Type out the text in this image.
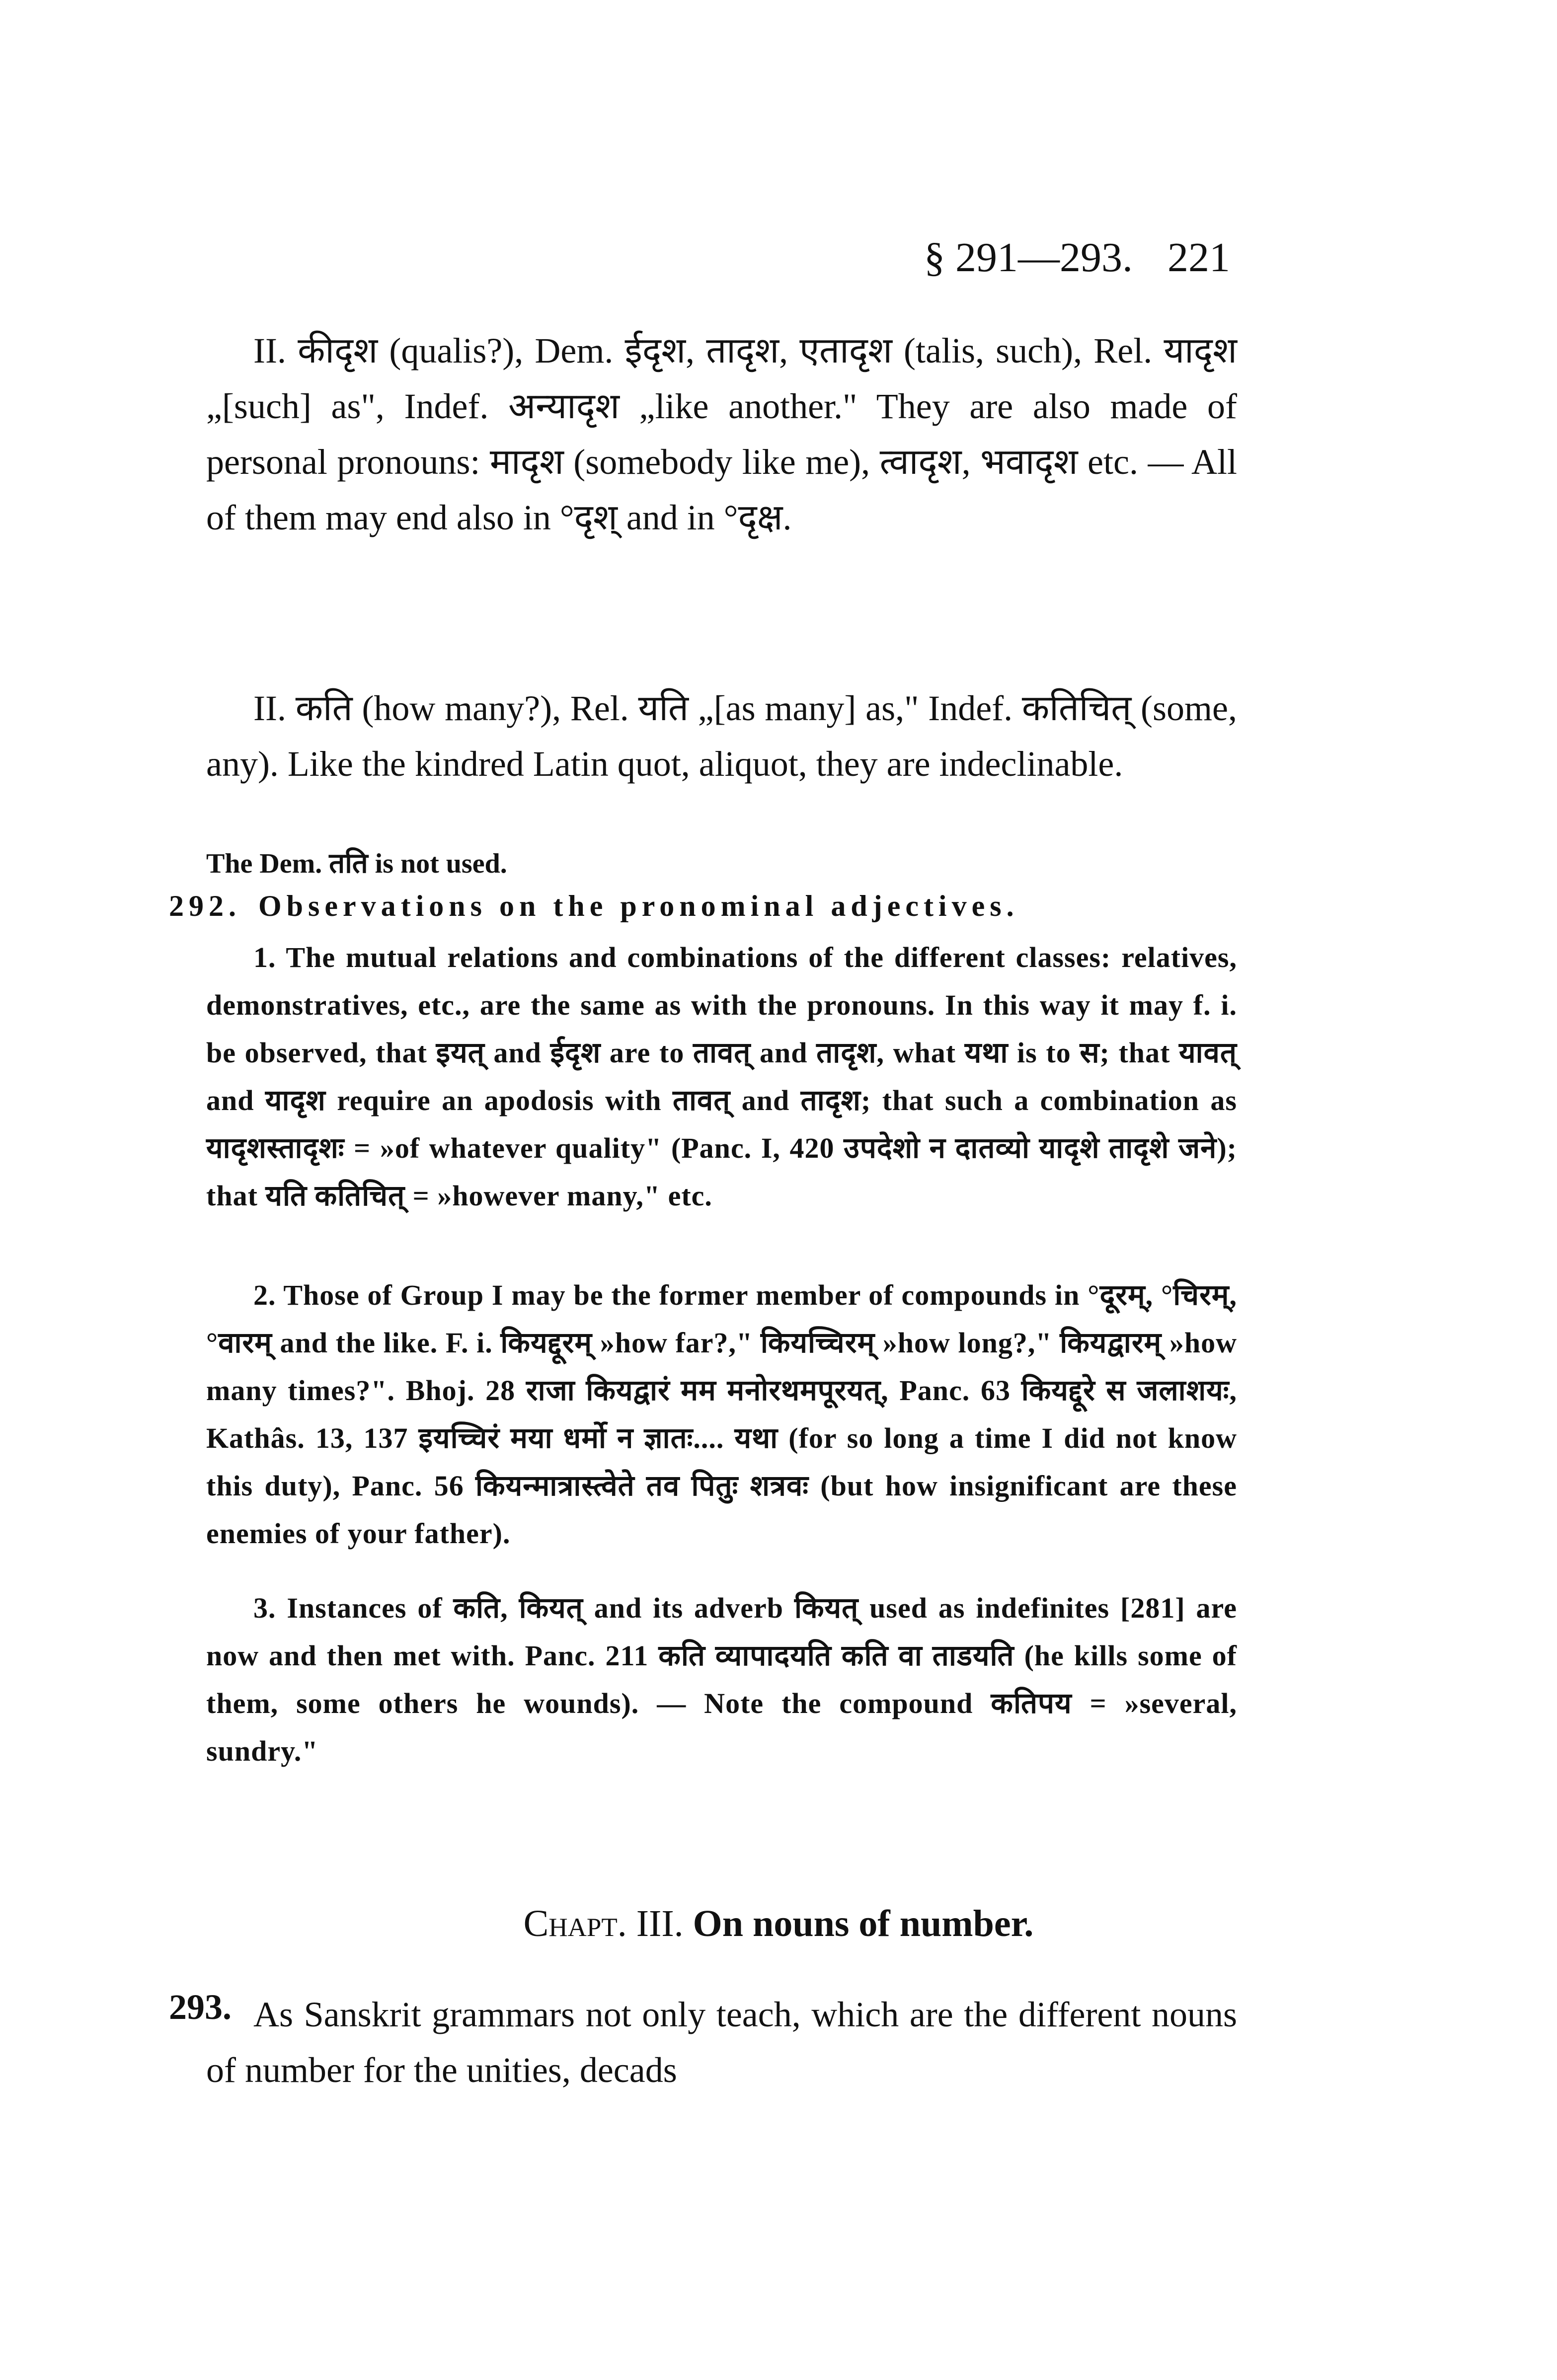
§ 291—293. 221

II. कीदृश (qualis?), Dem. ईदृश, तादृश, एतादृश (talis, such), Rel. यादृश „[such] as", Indef. अन्यादृश „like another." They are also made of personal pronouns: मादृश (somebody like me), त्वादृश, भवादृश etc. — All of them may end also in °दृश् and in °दृक्ष.

II. कति (how many?), Rel. यति „[as many] as," Indef. कतिचित् (some, any). Like the kindred Latin quot, aliquot, they are indeclinable.

The Dem. तति is not used.

292. Observations on the pronominal adjectives.

1. The mutual relations and combinations of the different classes: relatives, demonstratives, etc., are the same as with the pronouns. In this way it may f. i. be observed, that इयत् and ईदृश are to तावत् and तादृश, what यथा is to स; that यावत् and यादृश require an apodosis with तावत् and तादृश; that such a combination as यादृशस्तादृशः = »of whatever quality" (Panc. I, 420 उपदेशो न दातव्यो यादृशे तादृशे जने); that यति कतिचित् = »however many," etc.

2. Those of Group I may be the former member of compounds in °दूरम्, °चिरम्, °वारम् and the like. F. i. कियद्दूरम् »how far?," कियच्चिरम् »how long?," कियद्वारम् »how many times?". Bhoj. 28 राजा कियद्वारं मम मनोरथमपूरयत्, Panc. 63 कियद्दूरे स जलाशयः, Kathâs. 13, 137 इयच्चिरं मया धर्मो न ज्ञातः.... यथा (for so long a time I did not know this duty), Panc. 56 कियन्मात्रास्त्वेते तव पितुः शत्रवः (but how insignificant are these enemies of your father).

3. Instances of कति, कियत् and its adverb कियत् used as indefinites [281] are now and then met with. Panc. 211 कति व्यापादयति कति वा ताडयति (he kills some of them, some others he wounds). — Note the compound कतिपय = »several, sundry."

Chapt. III. On nouns of number.
293. As Sanskrit grammars not only teach, which are the different nouns of number for the unities, decads
